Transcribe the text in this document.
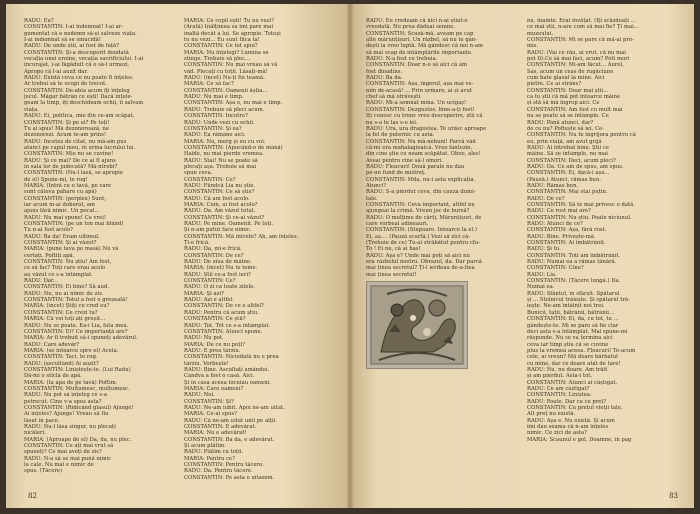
RADU: Eu?
CONSTANTIN: I-ai îndemnat! I-ai ar-
gumentat că e nedemn să-și salveze viața.
I-ai îndemnat să se sinucidă!
RADU: De unde știi, ai fost de față?
CONSTANTIN: Și-a descoperit deodată
vocația unei eroine, vocația sacrificiului. I-ai
încurajat, i-ai făgăduit că o să-l urmezi.
Apropo că l-ai auzit dar.
RADU: Există ceva ce nu poate fi înțeles.
Ar trebui să te ocupi de trecut.
CONSTANTIN: De-abia acum îți înțeleg
jocul. Măgar bătrân ce ești! Dacă înțele-
geam la timp, îți deschideam ochii, îi salvam
viața.
RADU: Ei, politica, mie din ce-am scăpat.
CONSTANTIN: Și pe ei? Pe toți!
Tu ai spus! Mă dezonorează, ne
dezonorezi. Acum te-am prins!
RADU: Încetez de citat, nu mă-am pus
atunci pe capul meu, în urma lucrului lui.
CONSTANTIN: Mie nu se cuvine!
RADU: Și ce mai? De ce ai fi ajuns
în sala lor de judecată? Mă-ntrebi?
CONSTANTIN: (Nu-l lasă, se apropie
de el) Spune-mi, te rog!
MARIA: (Intră cu o tavă, pe care
sunt câteva pahare cu apă)
CONSTANTIN: (perplex) Sunt,
iar acum m-ai doborât, am
ajuns fără nimic. Un pocal...
RADU: Nu mai spune! Ce vrei!
CONSTANTIN: (pe un ton mai blând)
Tu n-ai fost acolo?
RADU: Ba da! Eram ultimul.
CONSTANTIN: Și ai văzut?
MARIA: (pune tava pe masă) Nu vă
certați. Poftiți apă.
CONSTANTIN: Nu știu! Am fost,
ce să fac? Toți care erau acolo
au văzut ce s-a întâmplat.
RADU: Dar...
CONSTANTIN: Ei bine? Să aud.
RADU: Nu, nu ai nimic de zis.
CONSTANTIN: Totul a fost o greșeală!
MARIA: (încet) Știți ce cred eu?
CONSTANTIN: Ce crezi tu?
MARIA: Că voi toți ați greșit...
RADU: Nu se poate. Ea-i Lia, fata mea.
CONSTANTIN: Ei? Ce importanță are?
MARIA: Ar fi trebuit să-i spuneți adevărul.
RADU: Care adevăr?
MARIA: (se întoarce spre el) Acela.
CONSTANTIN: Taci, te rog.
RADU: (ascultând) Ai auzit?
CONSTANTIN: Liniștește-te. (Lui Radu)
Dă-mi o sticlă de apă.
MARIA: (Ia apa de pe tavă) Poftim.
CONSTANTIN: Mulțumesc, mulțumesc.
RADU: Nu pot să înțeleg ce s-a
petrecut. Cine v-a spus asta?
CONSTANTIN: (Ridicând glasul) Ajunge!
Ai înțeles? Ajunge! Vreau să fiu
lăsat în pace.
RADU: Nu-l lăsa singur, nu plecați
nicăieri.
MARIA: (Aproape de el) Da, da, nu plec.
CONSTANTIN: Ce ați mai vrut să
spuneți? Ce mai aveți de zis?
RADU: N-a să se mai pună nimic
la cale. Nu mai e nimic de
spus. (Tăcere)
MARIA: Ce copil ești! Tu nu vezi?
(Arată) Înălțimea sa îmi pare mai
înaltă decât a lui. Se apropie. Totuși
tu nu vezi... Eu sunt fiica ta!
CONSTANTIN: Ce tot spui?
MARIA: Nu înțelegi? Lumina se
stinge. Trebuie să plec...
CONSTANTIN: Nu mai vreau să vă
văd. Plecați cu toții. Lăsați-mă!
RADU: (încet) Nu-ți fie teamă.
MARIA: Ce să fac?
CONSTANTIN: Oamenii ăștia...
RADU: Nu mai e timp.
CONSTANTIN: Așa e, nu mai e timp.
RADU: Trebuie să pleci acum.
CONSTANTIN: Încotro?
RADU: Unde vezi cu ochii.
CONSTANTIN: Și ea?
RADU: Ea rămâne aici.
MARIA: Nu, merg și eu cu voi.
CONSTANTIN: (Apucând-o de mână)
Haide, nu mai pierde vremea.
RADU: Stai! Nu se poate să
plecați așa. Trebuie să mai
spun ceva.
CONSTANTIN: Ce?
RADU: Fiindcă Lia nu știe.
CONSTANTIN: Ce să știe?
RADU: Că am fost acolo.
MARIA: Cum, ai fost acolo?
RADU: Da. Am văzut totul.
CONSTANTIN: Și ce-ai văzut?
RADU: Pe mine. Oamenii. Pe toți.
Și n-am putut face nimic.
CONSTANTIN: Mă întrebi? Ah, am înțeles.
Ți-e frică.
RADU: Da, mi-e frică.
CONSTANTIN: De ce?
RADU: De ziua de mâine.
MARIA: (încet) Nu te teme.
RADU: Știi ce-a fost ieri?
CONSTANTIN: Ce?
RADU: O zi ca toate zilele.
MARIA: Și azi?
RADU: Azi e altfel.
CONSTANTIN: De ce e altfel?
RADU: Pentru că acum știu.
CONSTANTIN: Ce știi?
RADU: Tot. Tot ce s-a întâmplat.
CONSTANTIN: Atunci spune.
RADU: Nu pot.
MARIA: De ce nu poți?
RADU: E prea târziu.
CONSTANTIN: Niciodată nu e prea
târziu. Vorbește!
RADU: Bine. Ascultați amândoi.
Cândva a fost o casă. Aici.
Și în casa aceea locuiau oameni.
MARIA: Care oameni?
RADU: Noi.
CONSTANTIN: Și?
RADU: Ne-am iubit. Apoi ne-am uitat.
MARIA: Ce-ai spus?
RADU: Că ne-am uitat unii pe alții.
CONSTANTIN: E adevărat.
MARIA: Nu e adevărat!
CONSTANTIN: Ba da, e adevărat.
Și acum plătim.
RADU: Plătim cu toții.
MARIA: Pentru ce?
CONSTANTIN: Pentru tăcere.
RADU: Da. Pentru tăcere.
CONSTANTIN: Pe asta o uitasem.
82
RADU: Eu credeam că nici n-ai știut-o
vreodată. Nu prea dădeai semne.
CONSTANTIN: Scuză-mă, aveam pe cap
alte mărunțișuri. Un răzbel, să nu te gân-
dești la vreo luptă. Mă gândesc că noi n-am
să mai scap de întâmplările importante.
RADU: N-a fost ce trebuia.
CONSTANTIN: Doar n-o să aici că am
fost dinadins.
RADU: Ba da.
CONSTANTIN: Așa, îngerul, așa mai ve-
nim de-acasă! ... Prin urmare, ai și avut
chef să mă otrăvești.
RADU: Mi-a semnat mina. Un ucigaș!
CONSTANTIN: Dezgustos, bine-a-ți fost!
Îți cunosc cu tronc vreo descoperire, știi că
nu s-a te las s-o iei.
RADU: Ura, ura dragostea. Te urăsc aproape
la fel de puternic cu asta.
CONSTANTIN: Nu mă-nebuni! Parcă văd
că-mi era mahalagioaică. Vreo fantezie,
din cine știe ce neam scăpătat. Ohoo, ales!
Aveai pentru cine să-l omori.
RADU: Fleacuri! Două parale nu dau
pe-un fund de mistreț.
CONSTANTIN: Mda, nu-i asta explicația.
Atunci?
RADU: S-a pierdut ceva, din cauza dumi-
tale.
CONSTANTIN: Ceva important, altfel nu
ajungeai la crimă. Vreun joc de bursă?
RADU: O mulțime de cărți, Mărunțișuri, de
care vorbeai adineauri.
CONSTANTIN: (Stupoare. Întoarce la el.)
Ei, aș.... (Pauză scurtă.) Vezi să zici că-
(Trebuie de ce) Tu-ai străbătut pentru cfu-
To ! Ei ne, că ai has!
RADU: Așa e? Unde mai poți să aici nu
era răzbelul nostru. Obrazul, da. Dar parcă
mai ținea secretul? Ți-l ierdeau de-a-ltea
mai ținea secretul!
nu, inainte. Erai învățat. (Îți scăzdeați ...
ce mai știi, n-are cum să mai fie? Ți mai...
muzeului.
CONSTANTIN: Mi se pare că mă-ai pro-
mis.
RADU: (Vai ce rău, ai vrut, că nu mai
pot fi).Ce să mai faci, acum? Poti muri
CONSTANTIN: Mi-am făcut... Aurel,
Sas, acum un ceas de rugăciune
cum bate glasul la mine. Aici
pietre. Ce ai strâns?
CONSTANTIN: Doar mai știi...
ca tu știi că mă pot întoarce mâine
și stă să mă îngrop aici. Ce
CONSTANTIN: Am fost cu mult mai
nu se poate să se întâmple. Ce
RADU: Până atunci, dar?
de ce nu? Poftește să iei. Ce-
CONSTANTIN: Nu te îngrijora pentru că
eu, prin viață, am avut grijă
RADU: Ai întrebat bine. Știi ce
mâine. Să se întâmple, nu mai
CONSTANTIN: Deci, acum pleci?
RADU: Da. Ce am de spus, am spus.
CONSTANTIN: Ei, dacă-i așa...
(Pauză.) Atunci, rămas bun.
RADU: Rămas bun.
CONSTANTIN: Mai stai puțin.
RADU: De ce?
CONSTANTIN: Să te mai privesc o dată.
RADU: Ce rost mai are?
CONSTANTIN: Nu știu. Poate niciunul.
RADU: Atunci de ce?
CONSTANTIN: Așa, fără rost.
RADU: Bine. Privește-mă.
CONSTANTIN: Ai îmbătrânit.
RADU: Și tu.
CONSTANTIN: Toți am îmbătrânit.
RADU: Numai ea a rămas tânără.
CONSTANTIN: Cine?
RADU: Lia.
CONSTANTIN: (Tăcere lungă.) Da.
Numai ea.
RADU: Sfântul, în sfârșit. Spătarul
și ... Stolnicul trăiește. Și spătarul tră-
iește. Ne-am întâlnit noi trei.
Bunicii, tații, bătrânii, bătrânii...
CONSTANTIN: Ei, da, cu tot, tu ...
gândește-te. Mi se pare să fie clar
deci asta s-a întâmplat. Mai spune-mi
răspunde. Nu se va termina aici
ceva iar timp știu că se cuvine
plus la vremea aceea. Fleacuri! Te-acum
cele, ai vreun? Mă doare bărbatul
cu mine, dar ce doare atât de tare!
RADU: Nu, nu doare. Am trăit
și am pierdut. Asta-i tot.
CONSTANTIN: Atunci ai câștigat.
RADU: Ce am câștigat?
CONSTANTIN: Liniștea.
RADU: Poate. Dar cu ce preț?
CONSTANTIN: Cu prețul vieții tale.
Alt preț nu există.
RADU: Așa e. Nu există. Și acum
îmi dau seama că n-am înțeles
nimic. Ce zici de asta?
MARIA: Scaunul e gol. Doamne, în pag
83
